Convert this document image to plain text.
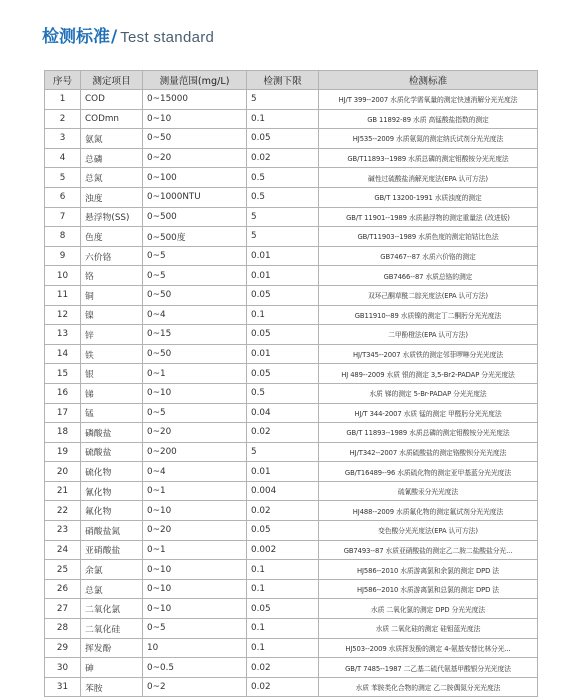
检测标准/ Test standard
序号	测定项目	测量范围(mg/L)	检测下限	检测标准
1	COD	0~15000	5	HJ/T 399--2007 水质化学需氧量的测定快速消解分光光度法
2	CODmn	0~10	0.1	GB 11892-89 水质 高锰酸盐指数的测定
3	氨氮	0~50	0.05	HJ535--2009 水质氨氮的测定纳氏试剂分光光度法
4	总磷	0~20	0.02	GB/T11893--1989 水质总磷的测定钼酸铵分光光度法
5	总氮	0~100	0.5	碱性过硫酸盐消解光度法(EPA 认可方法)
6	浊度	0~1000NTU	0.5	GB/T 13200-1991 水质浊度的测定
7	悬浮物(SS)	0~500	5	GB/T 11901--1989 水质悬浮物的测定重量法 (改进版)
8	色度	0~500度	5	GB/T11903--1989 水质色度的测定铂钴比色法
9	六价铬	0~5	0.01	GB7467--87 水质六价铬的测定
10	铬	0~5	0.01	GB7466--87 水质总铬的测定
11	铜	0~50	0.05	双环己酮草酰二腙光度法(EPA 认可方法)
12	镍	0~4	0.1	GB11910--89 水质镍的测定丁二酮肟分光光度法
13	锌	0~15	0.05	二甲酚橙法(EPA 认可方法)
14	铁	0~50	0.01	HJ/T345--2007 水质铁的测定邻菲啰啉分光光度法
15	银	0~1	0.05	HJ 489--2009 水质 银的测定 3,5-Br2-PADAP 分光光度法
16	锑	0~10	0.5	水质 锑的测定 5-Br-PADAP 分光光度法
17	锰	0~5	0.04	HJ/T 344-2007 水质 锰的测定 甲醛肟分光光度法
18	磷酸盐	0~20	0.02	GB/T 11893--1989 水质总磷的测定钼酸铵分光光度法
19	硫酸盐	0~200	5	HJ/T342--2007 水质硫酸盐的测定铬酸钡分光光度法
20	硫化物	0~4	0.01	GB/T16489--96 水质硫化物的测定亚甲基蓝分光光度法
21	氰化物	0~1	0.004	硫氰酸汞分光光度法
22	氟化物	0~10	0.02	HJ488--2009 水质氟化物的测定氟试剂分光光度法
23	硝酸盐氮	0~20	0.05	变色酸分光光度法(EPA 认可方法)
24	亚硝酸盐	0~1	0.002	GB7493--87 水质亚硝酸盐的测定乙二胺二盐酸盐分光...
25	余氯	0~10	0.1	HJ586--2010 水质游离氯和余氯的测定 DPD 法
26	总氯	0~10	0.1	HJ586--2010 水质游离氯和总氯的测定 DPD 法
27	二氧化氯	0~10	0.05	水质 二氧化氯的测定 DPD 分光光度法
28	二氧化硅	0~5	0.1	水质 二氧化硅的测定 硅钼蓝光度法
29	挥发酚	10	0.1	HJ503--2009 水质挥发酚的测定 4-氨基安替比林分光...
30	砷	0~0.5	0.02	GB/T 7485--1987 二乙基二硫代氨基甲酸银分光光度法
31	苯胺	0~2	0.02	水质 苯胺类化合物的测定 乙二胺偶氮分光光度法
